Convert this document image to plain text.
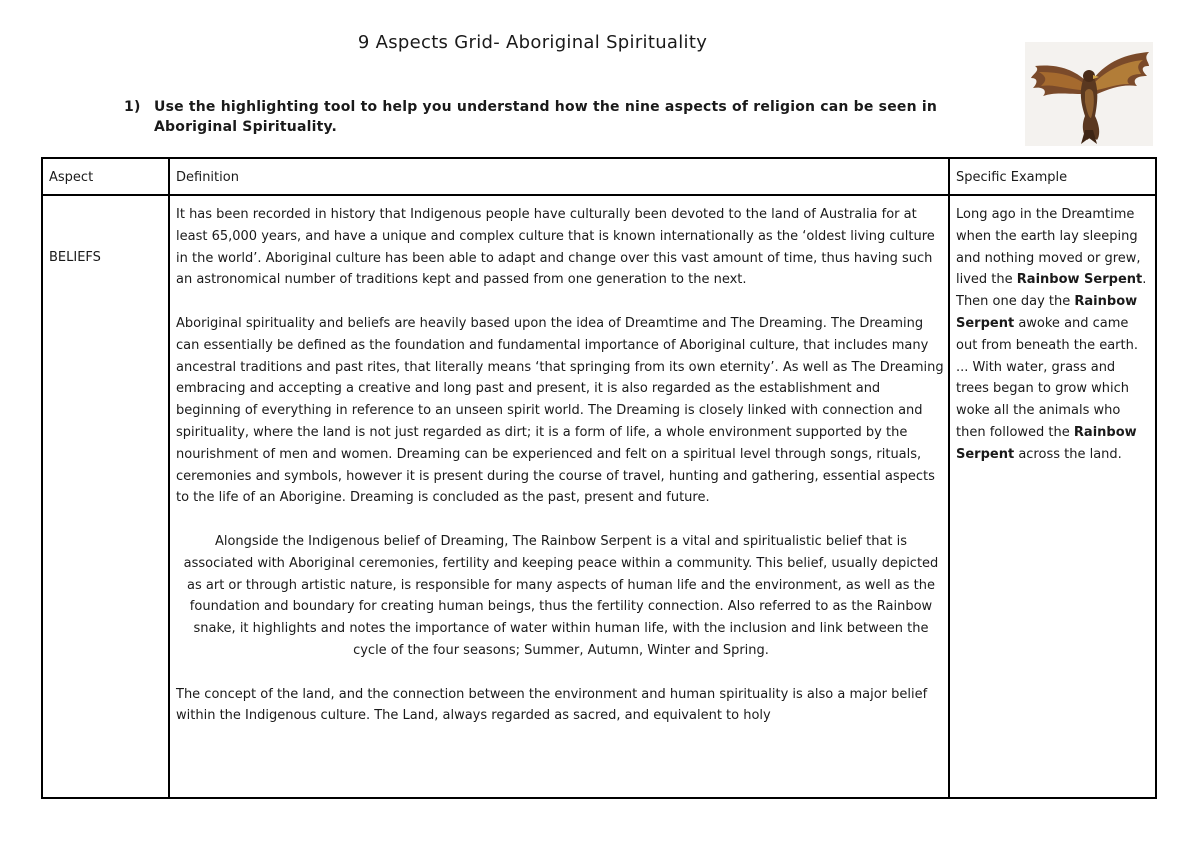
9 Aspects Grid- Aboriginal Spirituality
1) Use the highlighting tool to help you understand how the nine aspects of religion can be seen in Aboriginal Spirituality.
Aspect	Definition	Specific Example
BELIEFS

It has been recorded in history that Indigenous people have culturally been devoted to the land of Australia for at least 65,000 years, and have a unique and complex culture that is known internationally as the ‘oldest living culture in the world’. Aboriginal culture has been able to adapt and change over this vast amount of time, thus having such an astronomical number of traditions kept and passed from one generation to the next.

Aboriginal spirituality and beliefs are heavily based upon the idea of Dreamtime and The Dreaming. The Dreaming can essentially be defined as the foundation and fundamental importance of Aboriginal culture, that includes many ancestral traditions and past rites, that literally means ‘that springing from its own eternity’. As well as The Dreaming embracing and accepting a creative and long past and present, it is also regarded as the establishment and beginning of everything in reference to an unseen spirit world. The Dreaming is closely linked with connection and spirituality, where the land is not just regarded as dirt; it is a form of life, a whole environment supported by the nourishment of men and women. Dreaming can be experienced and felt on a spiritual level through songs, rituals, ceremonies and symbols, however it is present during the course of travel, hunting and gathering, essential aspects to the life of an Aborigine. Dreaming is concluded as the past, present and future.

Alongside the Indigenous belief of Dreaming, The Rainbow Serpent is a vital and spiritualistic belief that is associated with Aboriginal ceremonies, fertility and keeping peace within a community. This belief, usually depicted as art or through artistic nature, is responsible for many aspects of human life and the environment, as well as the foundation and boundary for creating human beings, thus the fertility connection. Also referred to as the Rainbow snake, it highlights and notes the importance of water within human life, with the inclusion and link between the cycle of the four seasons; Summer, Autumn, Winter and Spring.

The concept of the land, and the connection between the environment and human spirituality is also a major belief within the Indigenous culture. The Land, always regarded as sacred, and equivalent to holy

Long ago in the Dreamtime when the earth lay sleeping and nothing moved or grew, lived the Rainbow Serpent. Then one day the Rainbow Serpent awoke and came out from beneath the earth. ... With water, grass and trees began to grow which woke all the animals who then followed the Rainbow Serpent across the land.
